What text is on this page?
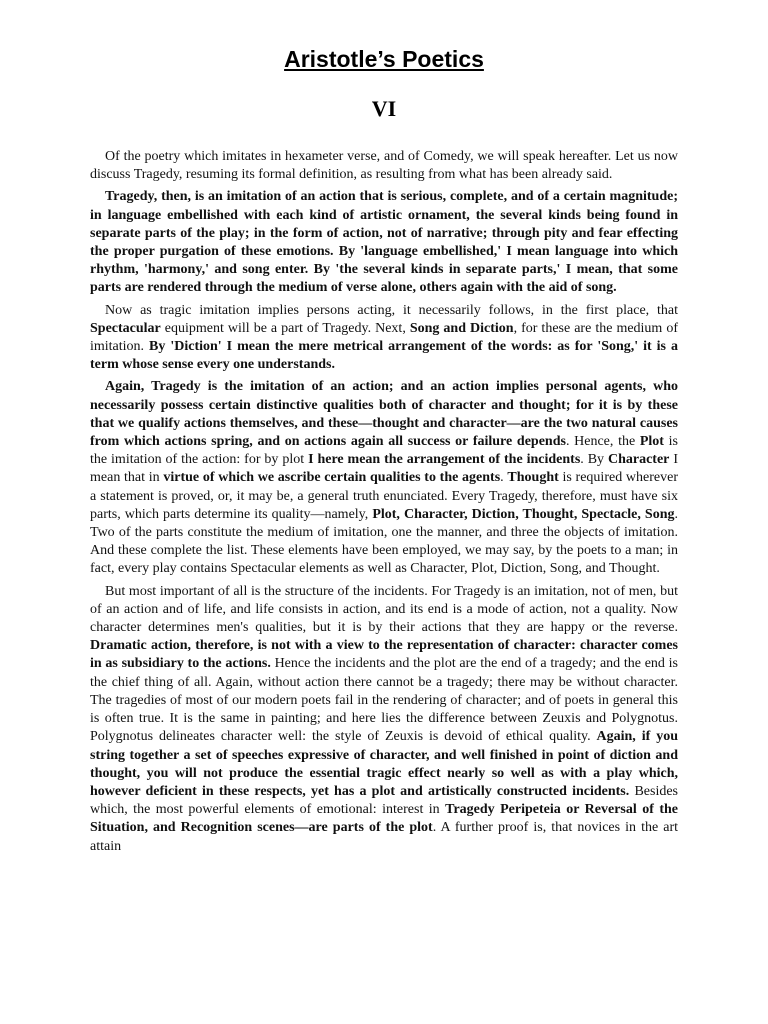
Aristotle’s Poetics
VI

Of the poetry which imitates in hexameter verse, and of Comedy, we will speak hereafter. Let us now discuss Tragedy, resuming its formal definition, as resulting from what has been already said.

Tragedy, then, is an imitation of an action that is serious, complete, and of a certain magnitude; in language embellished with each kind of artistic ornament, the several kinds being found in separate parts of the play; in the form of action, not of narrative; through pity and fear effecting the proper purgation of these emotions. By 'language embellished,' I mean language into which rhythm, 'harmony,' and song enter. By 'the several kinds in separate parts,' I mean, that some parts are rendered through the medium of verse alone, others again with the aid of song.

Now as tragic imitation implies persons acting, it necessarily follows, in the first place, that Spectacular equipment will be a part of Tragedy. Next, Song and Diction, for these are the medium of imitation. By 'Diction' I mean the mere metrical arrangement of the words: as for 'Song,' it is a term whose sense every one understands.

Again, Tragedy is the imitation of an action; and an action implies personal agents, who necessarily possess certain distinctive qualities both of character and thought; for it is by these that we qualify actions themselves, and these—thought and character—are the two natural causes from which actions spring, and on actions again all success or failure depends. Hence, the Plot is the imitation of the action: for by plot I here mean the arrangement of the incidents. By Character I mean that in virtue of which we ascribe certain qualities to the agents. Thought is required wherever a statement is proved, or, it may be, a general truth enunciated. Every Tragedy, therefore, must have six parts, which parts determine its quality—namely, Plot, Character, Diction, Thought, Spectacle, Song. Two of the parts constitute the medium of imitation, one the manner, and three the objects of imitation. And these complete the list. These elements have been employed, we may say, by the poets to a man; in fact, every play contains Spectacular elements as well as Character, Plot, Diction, Song, and Thought.

But most important of all is the structure of the incidents. For Tragedy is an imitation, not of men, but of an action and of life, and life consists in action, and its end is a mode of action, not a quality. Now character determines men's qualities, but it is by their actions that they are happy or the reverse. Dramatic action, therefore, is not with a view to the representation of character: character comes in as subsidiary to the actions. Hence the incidents and the plot are the end of a tragedy; and the end is the chief thing of all. Again, without action there cannot be a tragedy; there may be without character. The tragedies of most of our modern poets fail in the rendering of character; and of poets in general this is often true. It is the same in painting; and here lies the difference between Zeuxis and Polygnotus. Polygnotus delineates character well: the style of Zeuxis is devoid of ethical quality. Again, if you string together a set of speeches expressive of character, and well finished in point of diction and thought, you will not produce the essential tragic effect nearly so well as with a play which, however deficient in these respects, yet has a plot and artistically constructed incidents. Besides which, the most powerful elements of emotional: interest in Tragedy Peripeteia or Reversal of the Situation, and Recognition scenes—are parts of the plot. A further proof is, that novices in the art attain
